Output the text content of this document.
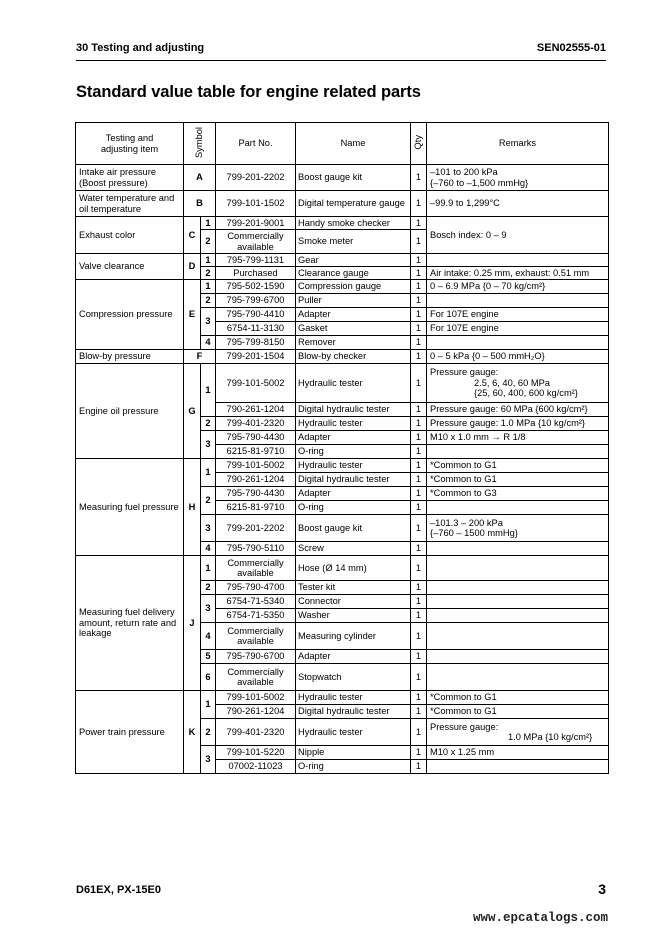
30 Testing and adjusting	SEN02555-01
Standard value table for engine related parts
Testing and adjusting item	Symbol		Part No.	Name	Qty	Remarks
Intake air pressure (Boost pressure)	A		799-201-2202	Boost gauge kit	1	–101 to 200 kPa
{–760 to –1,500 mmHg}
Water temperature and oil temperature	B		799-101-1502	Digital temperature gauge	1	–99.9 to 1,299°C
Exhaust color	C	1	799-201-9001	Handy smoke checker	1	Bosch index: 0 – 9
		2	Commercially available	Smoke meter	1	
Valve clearance	D	1	795-799-1131	Gear	1	
		2	Purchased	Clearance gauge	1	Air intake: 0.25 mm, exhaust: 0.51 mm
Compression pressure	E	1	795-502-1590	Compression gauge	1	0 – 6.9 MPa {0 – 70 kg/cm²}
		2	795-799-6700	Puller	1	
		3	795-790-4410	Adapter	1	For 107E engine
			6754-11-3130	Gasket	1	For 107E engine
		4	795-799-8150	Remover	1	
Blow-by pressure	F		799-201-1504	Blow-by checker	1	0 – 5 kPa {0 – 500 mmH₂O}
Engine oil pressure	G	1	799-101-5002	Hydraulic tester	1	Pressure gauge:
2.5, 6, 40, 60 MPa
{25, 60, 400, 600 kg/cm²}

			790-261-1204	Digital hydraulic tester	1	Pressure gauge: 60 MPa {600 kg/cm²}
		2	799-401-2320	Hydraulic tester	1	Pressure gauge: 1.0 MPa {10 kg/cm²}
		3	795-790-4430	Adapter	1	M10 x 1.0 mm → R 1/8
			6215-81-9710	O-ring	1	
Measuring fuel pressure	H	1	799-101-5002	Hydraulic tester	1	*Common to G1
			790-261-1204	Digital hydraulic tester	1	*Common to G1
		2	795-790-4430	Adapter	1	*Common to G3
			6215-81-9710	O-ring	1	
		3	799-201-2202	Boost gauge kit	1	–101.3 – 200 kPa
{–760 – 1500 mmHg}
		4	795-790-5110	Screw	1	
Measuring fuel delivery amount, return rate and leakage	J	1	Commercially available	Hose (Ø 14 mm)	1	
		2	795-790-4700	Tester kit	1	
		3	6754-71-5340	Connector	1	
			6754-71-5350	Washer	1	
		4	Commercially available	Measuring cylinder	1	
		5	795-790-6700	Adapter	1	
		6	Commercially available	Stopwatch	1	
Power train pressure	K	1	799-101-5002	Hydraulic tester	1	*Common to G1
			790-261-1204	Digital hydraulic tester	1	*Common to G1
		2	799-401-2320	Hydraulic tester	1	Pressure gauge:
1.0 MPa {10 kg/cm²}

		3	799-101-5220	Nipple	1	M10 x 1.25 mm
			07002-11023	O-ring	1	
D61EX, PX-15E0	3
www.epcatalogs.com
